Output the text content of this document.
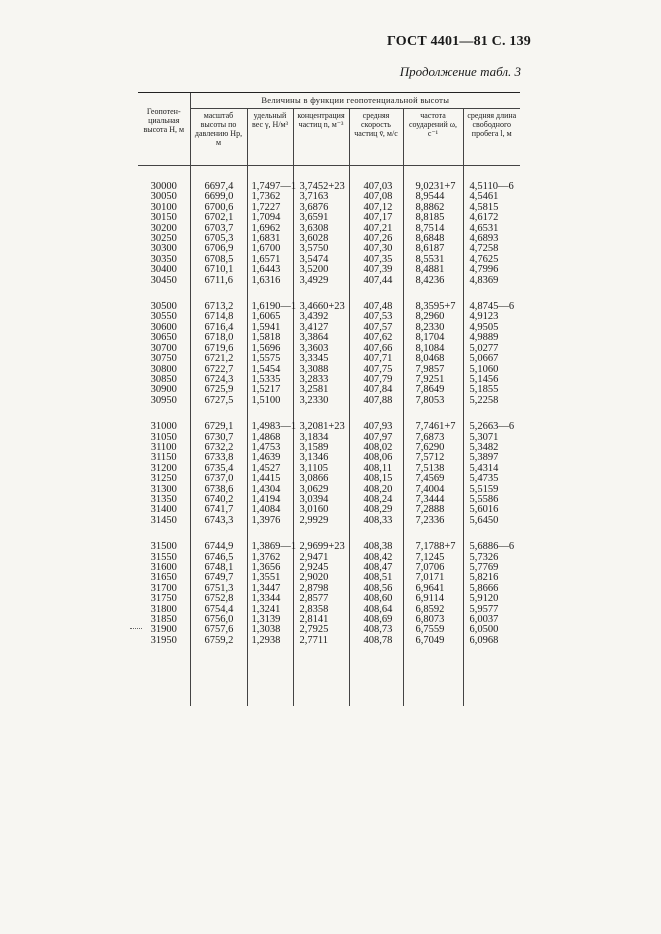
ГОСТ 4401—81 С. 139
Продолжение табл. 3
Геопотен-циальная высота H, м	Величины в функции геопотенциальной высоты					
	масштаб высоты по давлению Hр, м	удельный вес γ, Н/м³	концентрация частиц n, м⁻³	средняя скорость частиц v̄, м/с	частота соударений ω, с⁻¹	средняя длина свободного пробега l, м

30000	6697,4	1,7497—1	3,7452+23	407,03	9,0231+7	4,5110—6
30050	6699,0	1,7362	3,7163	407,08	8,9544	4,5461
30100	6700,6	1,7227	3,6876	407,12	8,8862	4,5815
30150	6702,1	1,7094	3,6591	407,17	8,8185	4,6172
30200	6703,7	1,6962	3,6308	407,21	8,7514	4,6531
30250	6705,3	1,6831	3,6028	407,26	8,6848	4,6893
30300	6706,9	1,6700	3,5750	407,30	8,6187	4,7258
30350	6708,5	1,6571	3,5474	407,35	8,5531	4,7625
30400	6710,1	1,6443	3,5200	407,39	8,4881	4,7996
30450	6711,6	1,6316	3,4929	407,44	8,4236	4,8369

30500	6713,2	1,6190—1	3,4660+23	407,48	8,3595+7	4,8745—6
30550	6714,8	1,6065	3,4392	407,53	8,2960	4,9123
30600	6716,4	1,5941	3,4127	407,57	8,2330	4,9505
30650	6718,0	1,5818	3,3864	407,62	8,1704	4,9889
30700	6719,6	1,5696	3,3603	407,66	8,1084	5,0277
30750	6721,2	1,5575	3,3345	407,71	8,0468	5,0667
30800	6722,7	1,5454	3,3088	407,75	7,9857	5,1060
30850	6724,3	1,5335	3,2833	407,79	7,9251	5,1456
30900	6725,9	1,5217	3,2581	407,84	7,8649	5,1855
30950	6727,5	1,5100	3,2330	407,88	7,8053	5,2258

31000	6729,1	1,4983—1	3,2081+23	407,93	7,7461+7	5,2663—6
31050	6730,7	1,4868	3,1834	407,97	7,6873	5,3071
31100	6732,2	1,4753	3,1589	408,02	7,6290	5,3482
31150	6733,8	1,4639	3,1346	408,06	7,5712	5,3897
31200	6735,4	1,4527	3,1105	408,11	7,5138	5,4314
31250	6737,0	1,4415	3,0866	408,15	7,4569	5,4735
31300	6738,6	1,4304	3,0629	408,20	7,4004	5,5159
31350	6740,2	1,4194	3,0394	408,24	7,3444	5,5586
31400	6741,7	1,4084	3,0160	408,29	7,2888	5,6016
31450	6743,3	1,3976	2,9929	408,33	7,2336	5,6450

31500	6744,9	1,3869—1	2,9699+23	408,38	7,1788+7	5,6886—6
31550	6746,5	1,3762	2,9471	408,42	7,1245	5,7326
31600	6748,1	1,3656	2,9245	408,47	7,0706	5,7769
31650	6749,7	1,3551	2,9020	408,51	7,0171	5,8216
31700	6751,3	1,3447	2,8798	408,56	6,9641	5,8666
31750	6752,8	1,3344	2,8577	408,60	6,9114	5,9120
31800	6754,4	1,3241	2,8358	408,64	6,8592	5,9577
31850	6756,0	1,3139	2,8141	408,69	6,8073	6,0037
31900	6757,6	1,3038	2,7925	408,73	6,7559	6,0500
31950	6759,2	1,2938	2,7711	408,78	6,7049	6,0968
